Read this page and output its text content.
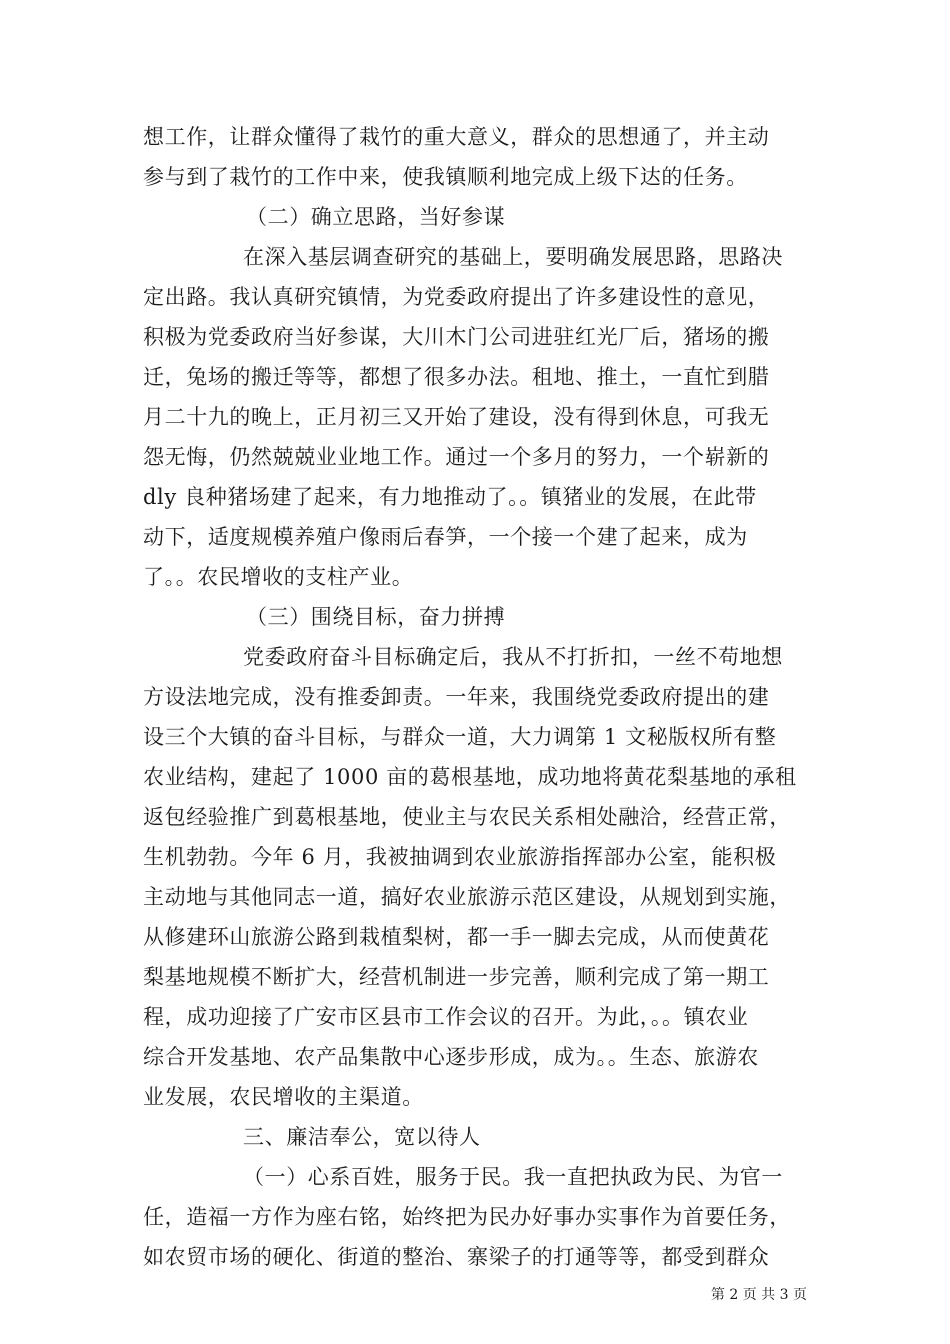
想工作，让群众懂得了栽竹的重大意义，群众的思想通了，并主动
参与到了栽竹的工作中来，使我镇顺利地完成上级下达的任务。
（二）确立思路，当好参谋
在深入基层调查研究的基础上，要明确发展思路，思路决
定出路。我认真研究镇情，为党委政府提出了许多建设性的意见，
积极为党委政府当好参谋，大川木门公司进驻红光厂后，猪场的搬
迁，兔场的搬迁等等，都想了很多办法。租地、推土，一直忙到腊
月二十九的晚上，正月初三又开始了建设，没有得到休息，可我无
怨无悔，仍然兢兢业业地工作。通过一个多月的努力，一个崭新的
dly 良种猪场建了起来，有力地推动了。。镇猪业的发展，在此带
动下，适度规模养殖户像雨后春笋，一个接一个建了起来，成为
了。。农民增收的支柱产业。
（三）围绕目标，奋力拼搏
党委政府奋斗目标确定后，我从不打折扣，一丝不苟地想
方设法地完成，没有推委卸责。一年来，我围绕党委政府提出的建
设三个大镇的奋斗目标，与群众一道，大力调第 1 文秘版权所有整
农业结构，建起了 1000 亩的葛根基地，成功地将黄花梨基地的承租
返包经验推广到葛根基地，使业主与农民关系相处融洽，经营正常，
生机勃勃。今年 6 月，我被抽调到农业旅游指挥部办公室，能积极
主动地与其他同志一道，搞好农业旅游示范区建设，从规划到实施，
从修建环山旅游公路到栽植梨树，都一手一脚去完成，从而使黄花
梨基地规模不断扩大，经营机制进一步完善，顺利完成了第一期工
程，成功迎接了广安市区县市工作会议的召开。为此，。。镇农业
综合开发基地、农产品集散中心逐步形成，成为。。生态、旅游农
业发展，农民增收的主渠道。
三、廉洁奉公，宽以待人
（一）心系百姓，服务于民。我一直把执政为民、为官一
任，造福一方作为座右铭，始终把为民办好事办实事作为首要任务，
如农贸市场的硬化、街道的整治、寨梁子的打通等等，都受到群众
第 2 页 共 3 页
